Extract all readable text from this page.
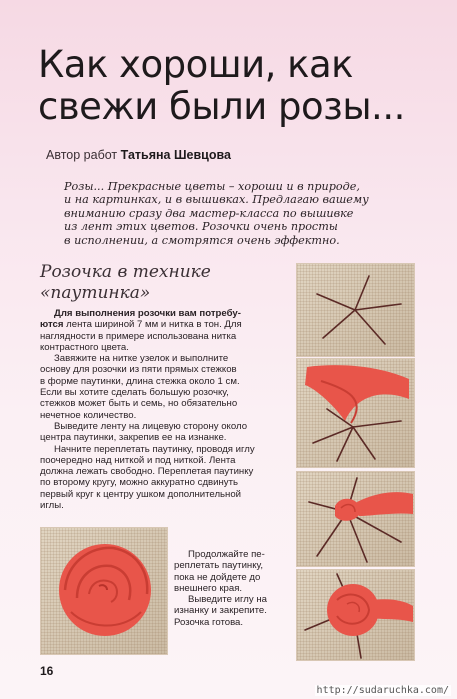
Как хороши, как
свежи были розы...
Автор работ Татьяна Шевцова
Розы... Прекрасные цветы – хороши и в природе,
и на картинках, и в вышивках. Предлагаю вашему
вниманию сразу два мастер-класса по вышивке
из лент этих цветов. Розочки очень просты
в исполнении, а смотрятся очень эффектно.
Розочка в технике
«паутинка»
Для выполнения розочки вам потребу-
ются лента шириной 7 мм и нитка в тон. Для
наглядности в примере использована нитка
контрастного цвета.
Завяжите на нитке узелок и выполните
основу для розочки из пяти прямых стежков
в форме паутинки, длина стежка около 1 см.
Если вы хотите сделать большую розочку,
стежков может быть и семь, но обязательно
нечетное количество.
Выведите ленту на лицевую сторону около
центра паутинки, закрепив ее на изнанке.
Начните переплетать паутинку, проводя иглу
поочередно над ниткой и под ниткой. Лента
должна лежать свободно. Переплетая паутинку
по второму кругу, можно аккуратно сдвинуть
первый круг к центру ушком дополнительной
иглы.
Продолжайте пе-
реплетать паутинку,
пока не дойдете до
внешнего края.
Выведите иглу на
изнанку и закрепите.
Розочка готова.
16
http://sudaruchka.com/
